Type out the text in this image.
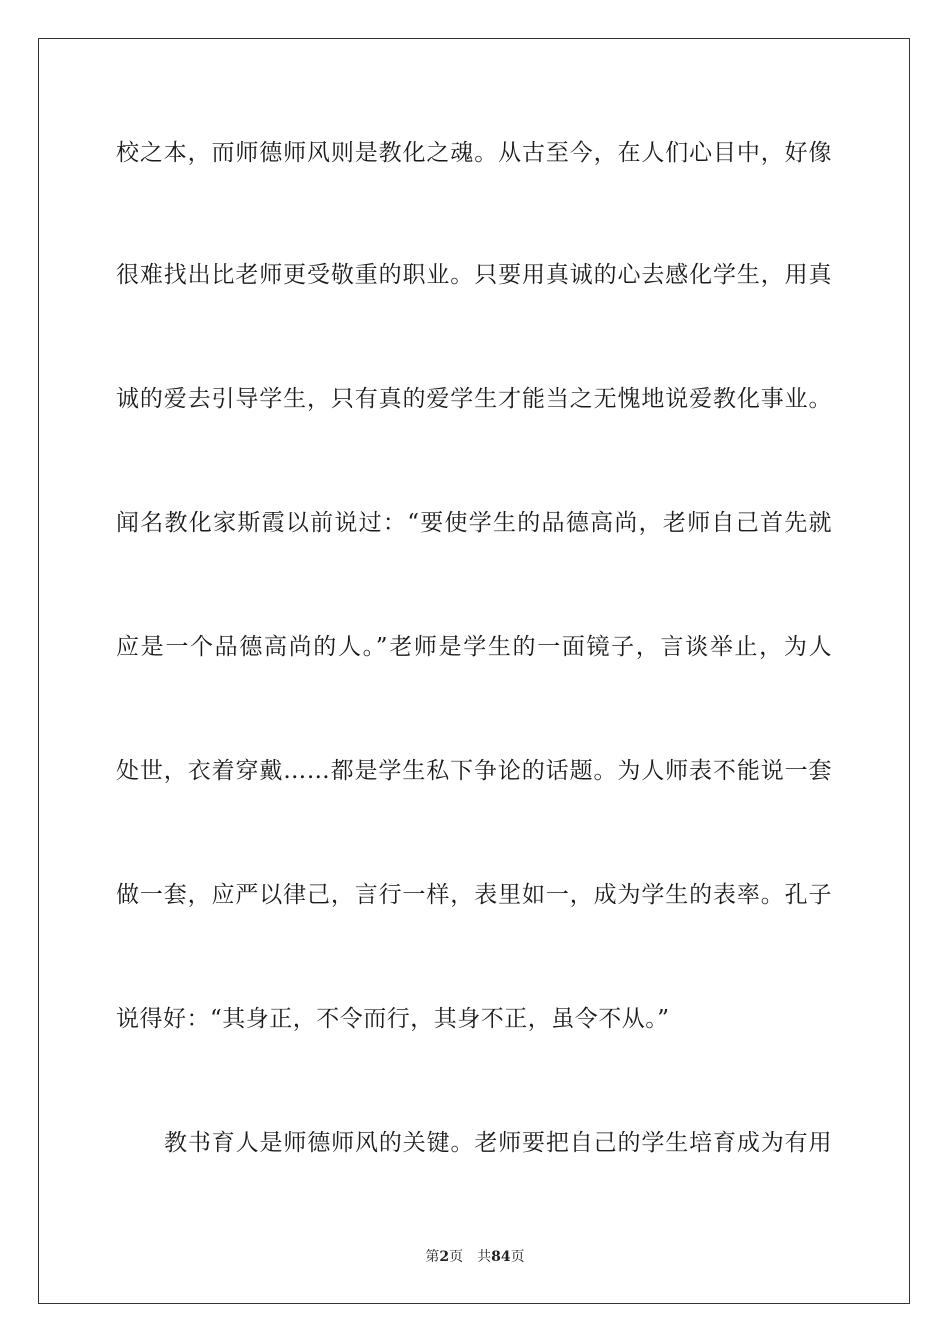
校之本，而师德师风则是教化之魂。从古至今，在人们心目中，好像
很难找出比老师更受敬重的职业。只要用真诚的心去感化学生，用真
诚的爱去引导学生，只有真的爱学生才能当之无愧地说爱教化事业。
闻名教化家斯霞以前说过：“要使学生的品德高尚，老师自己首先就
应是一个品德高尚的人。”老师是学生的一面镜子，言谈举止，为人
处世，衣着穿戴……都是学生私下争论的话题。为人师表不能说一套
做一套，应严以律己，言行一样，表里如一，成为学生的表率。孔子
说得好：“其身正，不令而行，其身不正，虽令不从。”
教书育人是师德师风的关键。老师要把自己的学生培育成为有用
第2页 共84页
